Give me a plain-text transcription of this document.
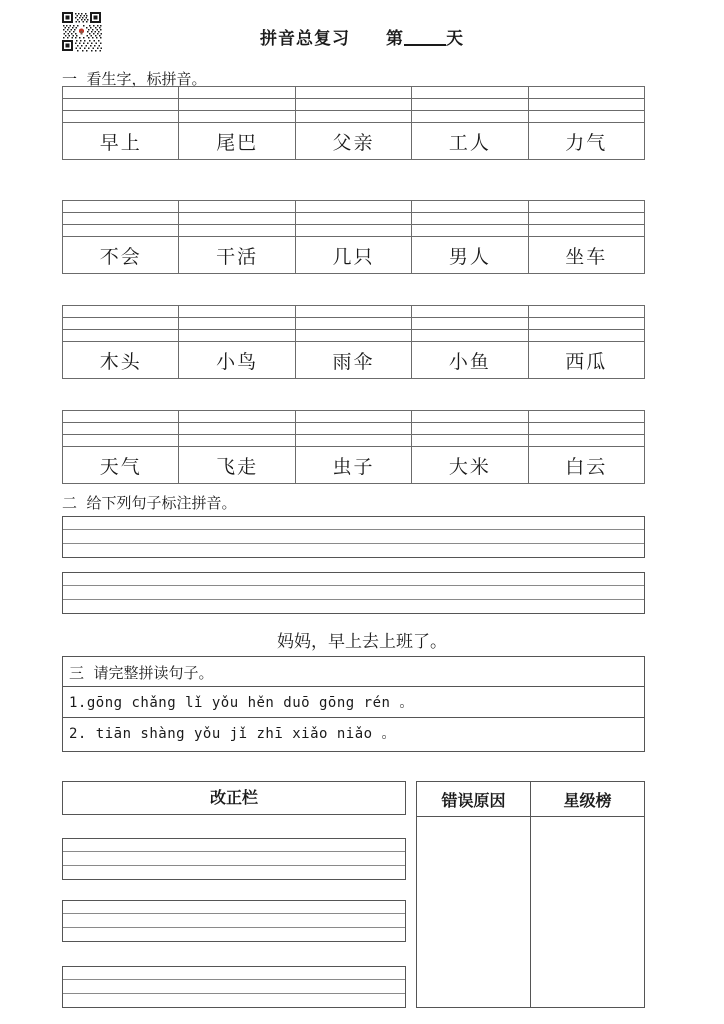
拼音总复习　　 第 天
一  看生字，标拼音。

早上	尾巴	父亲	工人	力气

不会	干活	几只	男人	坐车

木头	小鸟	雨伞	小鱼	西瓜

天气	飞走	虫子	大米	白云
二  给下列句子标注拼音。
妈妈，早上去上班了。
三  请完整拼读句子。
1.gōng chǎng lǐ yǒu hěn duō gōng rén 。
2. tiān shàng yǒu jǐ zhī xiǎo niǎo 。
改正栏	错误原因	星级榜
